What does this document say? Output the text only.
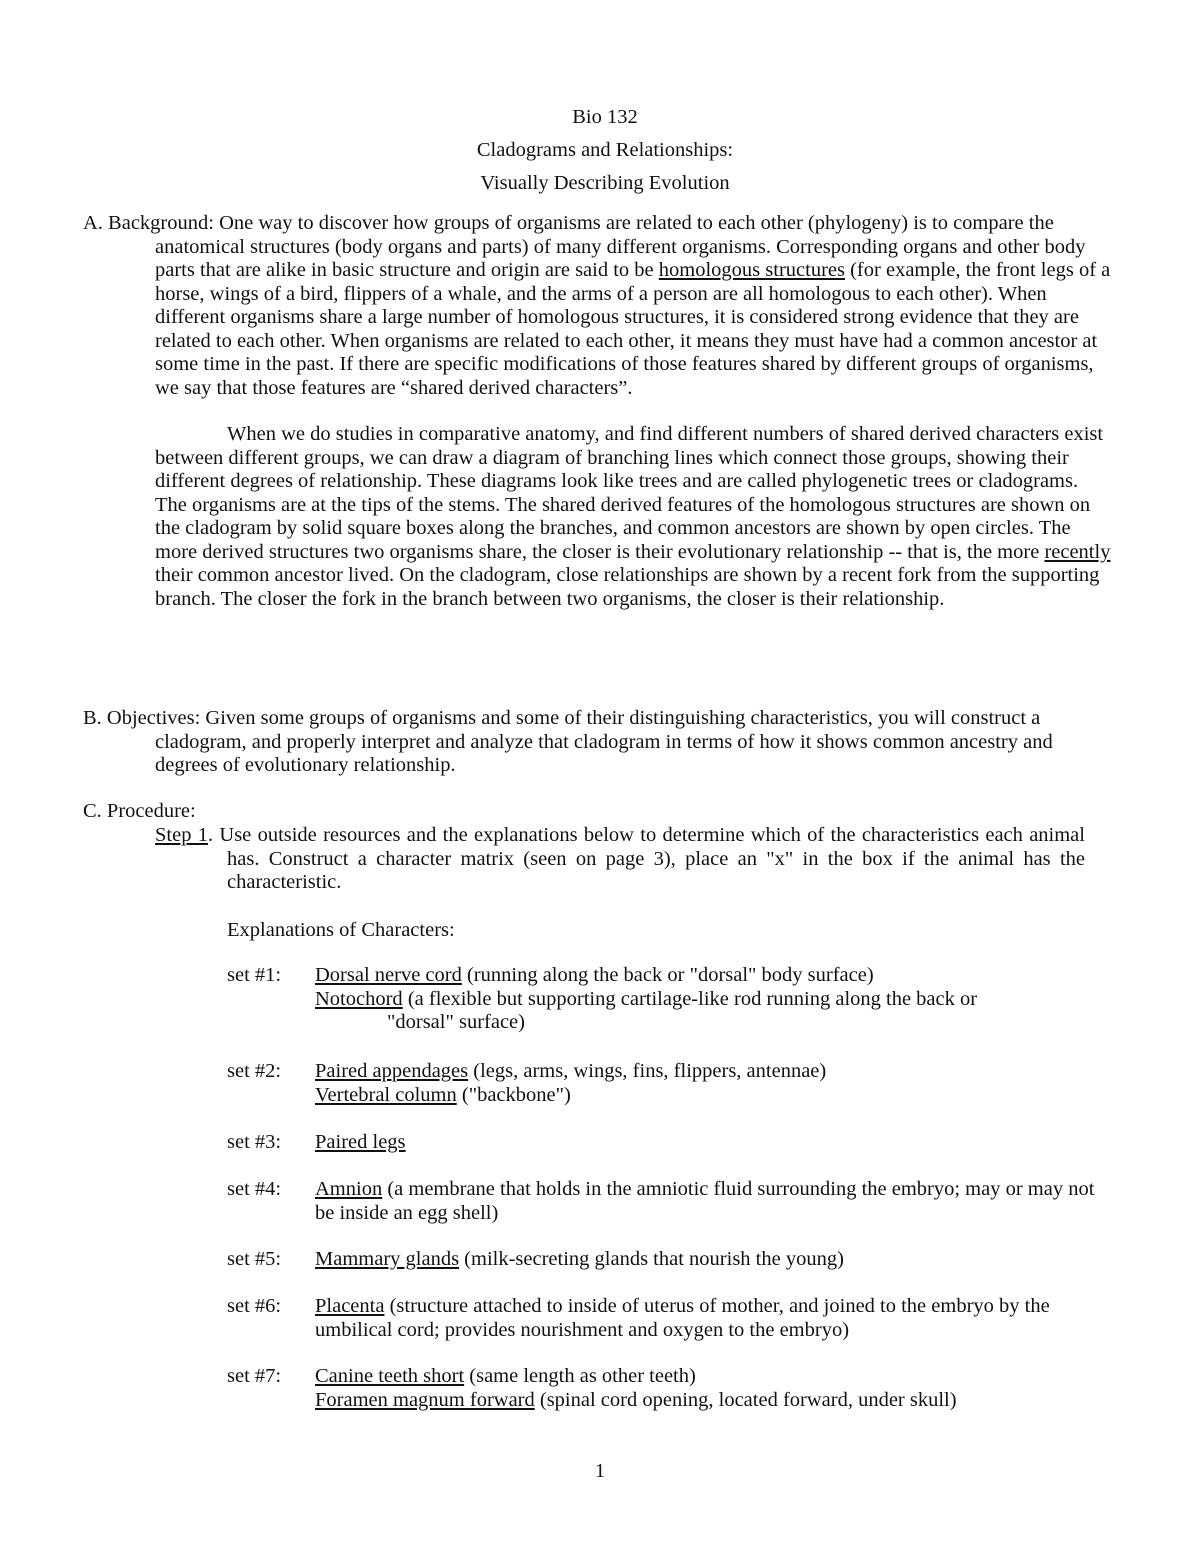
Bio 132
Cladograms and Relationships:
Visually Describing Evolution

A. Background: One way to discover how groups of organisms are related to each other (phylogeny) is to compare the anatomical structures (body organs and parts) of many different organisms. Corresponding organs and other body parts that are alike in basic structure and origin are said to be homologous structures (for example, the front legs of a horse, wings of a bird, flippers of a whale, and the arms of a person are all homologous to each other). When different organisms share a large number of homologous structures, it is considered strong evidence that they are related to each other. When organisms are related to each other, it means they must have had a common ancestor at some time in the past. If there are specific modifications of those features shared by different groups of organisms, we say that those features are “shared derived characters”.

When we do studies in comparative anatomy, and find different numbers of shared derived characters exist between different groups, we can draw a diagram of branching lines which connect those groups, showing their different degrees of relationship. These diagrams look like trees and are called phylogenetic trees or cladograms. The organisms are at the tips of the stems. The shared derived features of the homologous structures are shown on the cladogram by solid square boxes along the branches, and common ancestors are shown by open circles. The more derived structures two organisms share, the closer is their evolutionary relationship -- that is, the more recently their common ancestor lived. On the cladogram, close relationships are shown by a recent fork from the supporting branch. The closer the fork in the branch between two organisms, the closer is their relationship.

B. Objectives: Given some groups of organisms and some of their distinguishing characteristics, you will construct a cladogram, and properly interpret and analyze that cladogram in terms of how it shows common ancestry and degrees of evolutionary relationship.

C. Procedure:

Step 1. Use outside resources and the explanations below to determine which of the characteristics each animal has. Construct a character matrix (seen on page 3), place an "x" in the box if the animal has the characteristic.

Explanations of Characters:
set #1:	Dorsal nerve cord (running along the back or "dorsal" body surface)
Notochord (a flexible but supporting cartilage-like rod running along the back or
"dorsal" surface)
set #2:	Paired appendages (legs, arms, wings, fins, flippers, antennae)
Vertebral column ("backbone")
set #3:	Paired legs
set #4:	Amnion (a membrane that holds in the amniotic fluid surrounding the embryo; may or may not be inside an egg shell)
set #5:	Mammary glands (milk-secreting glands that nourish the young)
set #6:	Placenta (structure attached to inside of uterus of mother, and joined to the embryo by the umbilical cord; provides nourishment and oxygen to the embryo)
set #7:	Canine teeth short (same length as other teeth)
Foramen magnum forward (spinal cord opening, located forward, under skull)
1
